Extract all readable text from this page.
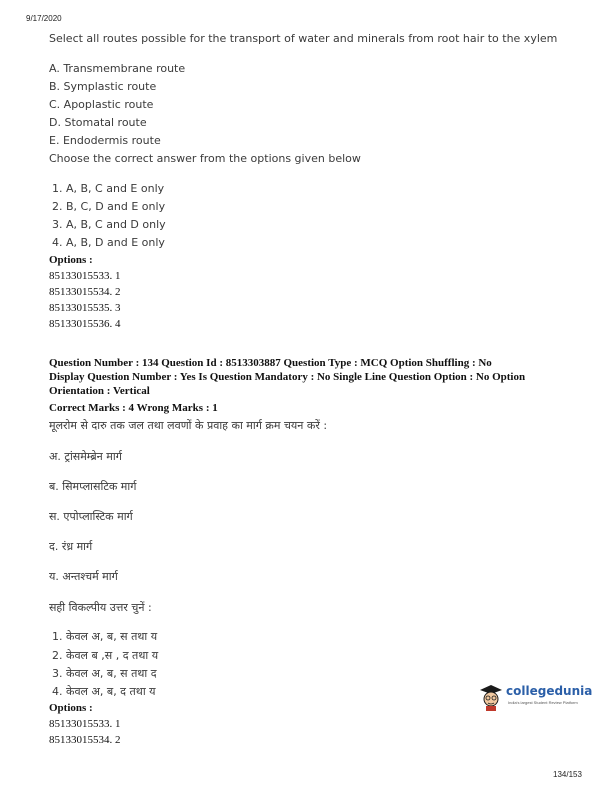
9/17/2020
Select all routes possible for the transport of water and minerals from root hair to the xylem
A. Transmembrane route
B. Symplastic route
C. Apoplastic route
D. Stomatal route
E. Endodermis route
Choose the correct answer from the options given below
1. A, B, C and E only
2. B, C, D and E only
3. A, B, C and D only
4. A, B, D and E only
Options :
85133015533. 1
85133015534. 2
85133015535. 3
85133015536. 4
Question Number : 134 Question Id : 8513303887 Question Type : MCQ Option Shuffling : No
Display Question Number : Yes Is Question Mandatory : No Single Line Question Option : No Option
Orientation : Vertical
Correct Marks : 4 Wrong Marks : 1
मूलरोम से दारु तक जल तथा लवणों के प्रवाह का मार्ग क्रम चयन करें :
अ. ट्रांसमेम्ब्रेन मार्ग
ब. सिमप्लासटिक मार्ग
स. एपोप्लास्टिक मार्ग
द. रंध्र मार्ग
य. अन्तश्चर्म मार्ग
सही विकल्पीय उत्तर चुनें :
1. केवल अ, ब, स तथा य
2. केवल ब ,स , द तथा य
3. केवल अ, ब, स तथा द
4. केवल अ, ब, द तथा य
Options :
85133015533. 1
85133015534. 2
collegedunia
India's largest Student Review Platform
134/153
